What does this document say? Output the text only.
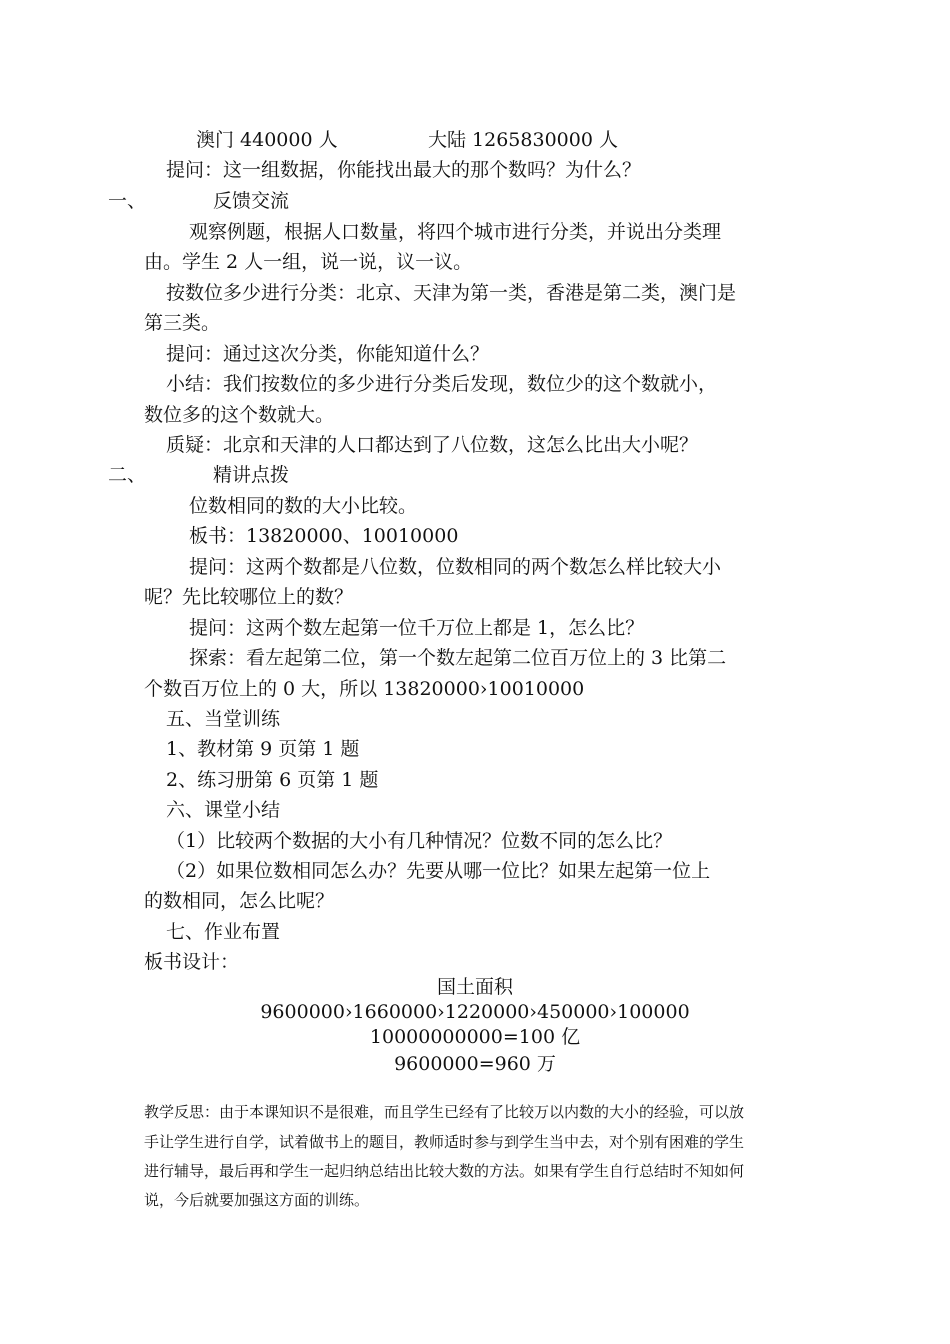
澳门 440000 人	大陆 1265830000 人
提问：这一组数据，你能找出最大的那个数吗？为什么？
一、	反馈交流
观察例题，根据人口数量，将四个城市进行分类，并说出分类理
由。学生 2 人一组，说一说，议一议。
按数位多少进行分类：北京、天津为第一类，香港是第二类，澳门是
第三类。
提问：通过这次分类，你能知道什么？
小结：我们按数位的多少进行分类后发现，数位少的这个数就小，
数位多的这个数就大。
质疑：北京和天津的人口都达到了八位数，这怎么比出大小呢？
二、	精讲点拨
位数相同的数的大小比较。
板书：13820000、10010000
提问：这两个数都是八位数，位数相同的两个数怎么样比较大小
呢？先比较哪位上的数？
提问：这两个数左起第一位千万位上都是 1，怎么比？
探索：看左起第二位，第一个数左起第二位百万位上的 3 比第二
个数百万位上的 0 大，所以 13820000›10010000
五、当堂训练
1、教材第 9 页第 1 题
2、练习册第 6 页第 1 题
六、课堂小结
（1）比较两个数据的大小有几种情况？位数不同的怎么比？
（2）如果位数相同怎么办？先要从哪一位比？如果左起第一位上
的数相同，怎么比呢？
七、作业布置
板书设计：
国土面积
9600000›1660000›1220000›450000›100000
10000000000=100 亿
9600000=960 万
教学反思：由于本课知识不是很难，而且学生已经有了比较万以内数的大小的经验，可以放
手让学生进行自学，试着做书上的题目，教师适时参与到学生当中去，对个别有困难的学生
进行辅导，最后再和学生一起归纳总结出比较大数的方法。如果有学生自行总结时不知如何
说，今后就要加强这方面的训练。
